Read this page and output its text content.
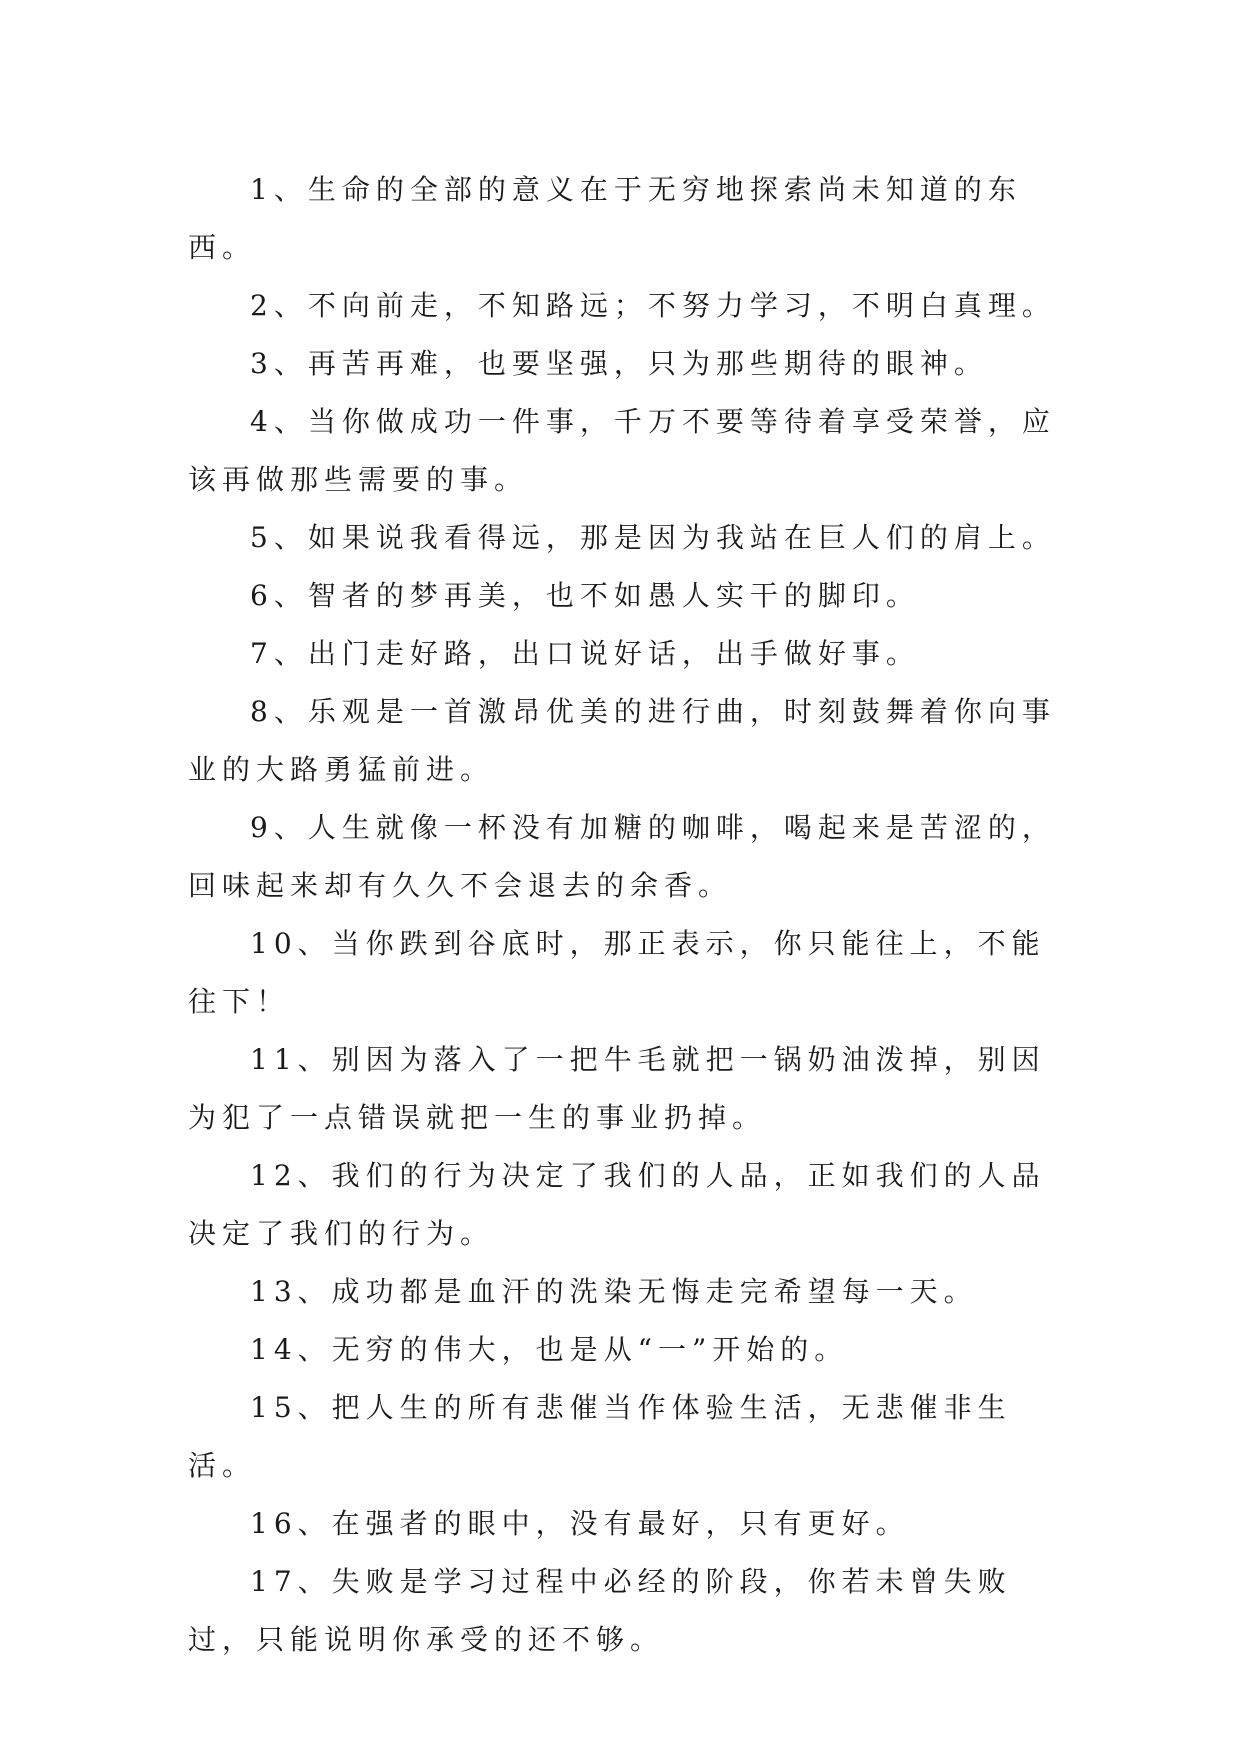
1、生命的全部的意义在于无穷地探索尚未知道的东西。

2、不向前走，不知路远；不努力学习，不明白真理。

3、再苦再难，也要坚强，只为那些期待的眼神。

4、当你做成功一件事，千万不要等待着享受荣誉，应该再做那些需要的事。

5、如果说我看得远，那是因为我站在巨人们的肩上。

6、智者的梦再美，也不如愚人实干的脚印。

7、出门走好路，出口说好话，出手做好事。

8、乐观是一首激昂优美的进行曲，时刻鼓舞着你向事业的大路勇猛前进。

9、人生就像一杯没有加糖的咖啡，喝起来是苦涩的，回味起来却有久久不会退去的余香。

10、当你跌到谷底时，那正表示，你只能往上，不能往下！

11、别因为落入了一把牛毛就把一锅奶油泼掉，别因为犯了一点错误就把一生的事业扔掉。

12、我们的行为决定了我们的人品，正如我们的人品决定了我们的行为。

13、成功都是血汗的洗染无悔走完希望每一天。

14、无穷的伟大，也是从“一”开始的。

15、把人生的所有悲催当作体验生活，无悲催非生活。

16、在强者的眼中，没有最好，只有更好。

17、失败是学习过程中必经的阶段，你若未曾失败过，只能说明你承受的还不够。
